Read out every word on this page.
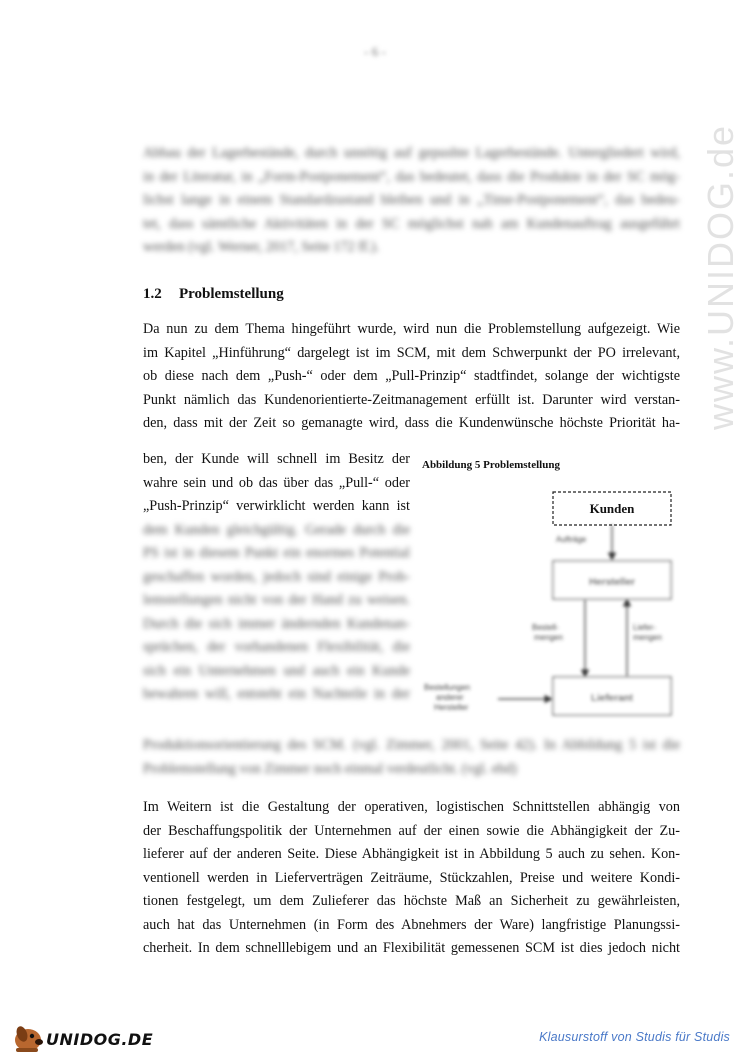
- 6 -
www.UNIDOG.de
Abbau der Lagerbestände, durch unnötig auf gepushte Lagerbestände. Untergliedert wird,
in der Literatur, in „Form-Postponement“, das bedeutet, dass die Produkte in der SC mög-
lichst lange in einem Standardzustand bleiben und in „Time-Postponement“, das bedeu-
tet, dass sämtliche Aktivitäten in der SC möglichst nah am Kundenauftrag ausgeführt
werden (vgl. Werner, 2017, Seite 172 ff.).
1.2 Problemstellung
Da nun zu dem Thema hingeführt wurde, wird nun die Problemstellung aufgezeigt. Wie
im Kapitel „Hinführung“ dargelegt ist im SCM, mit dem Schwerpunkt der PO irrelevant,
ob diese nach dem „Push-“ oder dem „Pull-Prinzip“ stadtfindet, solange der wichtigste
Punkt nämlich das Kundenorientierte-Zeitmanagement erfüllt ist. Darunter wird verstan-
den, dass mit der Zeit so gemanagte wird, dass die Kundenwünsche höchste Priorität ha-
ben, der Kunde will schnell im Besitz der
wahre sein und ob das über das „Pull-“ oder
„Push-Prinzip“ verwirklicht werden kann ist
dem Kunden gleichgültig. Gerade durch die
PS ist in diesem Punkt ein enormes Potential
geschaffen worden, jedoch sind einige Prob-
lemstellungen nicht von der Hand zu weisen.
Durch die sich immer ändernden Kundenan-
sprüchen, der vorhandenen Flexibilität, die
sich ein Unternehmen und auch ein Kunde
bewahren will, entsteht ein Nachteile in der
Abbildung 5 Problemstellung
Kunden
Aufträge
Hersteller
Bestell-mengen
Liefer-mengen
Lieferant
Bestellungen anderer Hersteller
Produktionsorientierung des SCM. (vgl. Zimmer, 2001, Seite 42). In Abbildung 5 ist die
Problemstellung von Zimmer noch einmal verdeutlicht. (vgl. ebd)
Im Weitern ist die Gestaltung der operativen, logistischen Schnittstellen abhängig von
der Beschaffungspolitik der Unternehmen auf der einen sowie die Abhängigkeit der Zu-
lieferer auf der anderen Seite. Diese Abhängigkeit ist in Abbildung 5 auch zu sehen. Kon-
ventionell werden in Lieferverträgen Zeiträume, Stückzahlen, Preise und weitere Kondi-
tionen festgelegt, um dem Zulieferer das höchste Maß an Sicherheit zu gewährleisten,
auch hat das Unternehmen (in Form des Abnehmers der Ware) langfristige Planungssi-
cherheit. In dem schnelllebigem und an Flexibilität gemessenen SCM ist dies jedoch nicht
UNIDOG.DE	Klausurstoff von Studis für Studis
